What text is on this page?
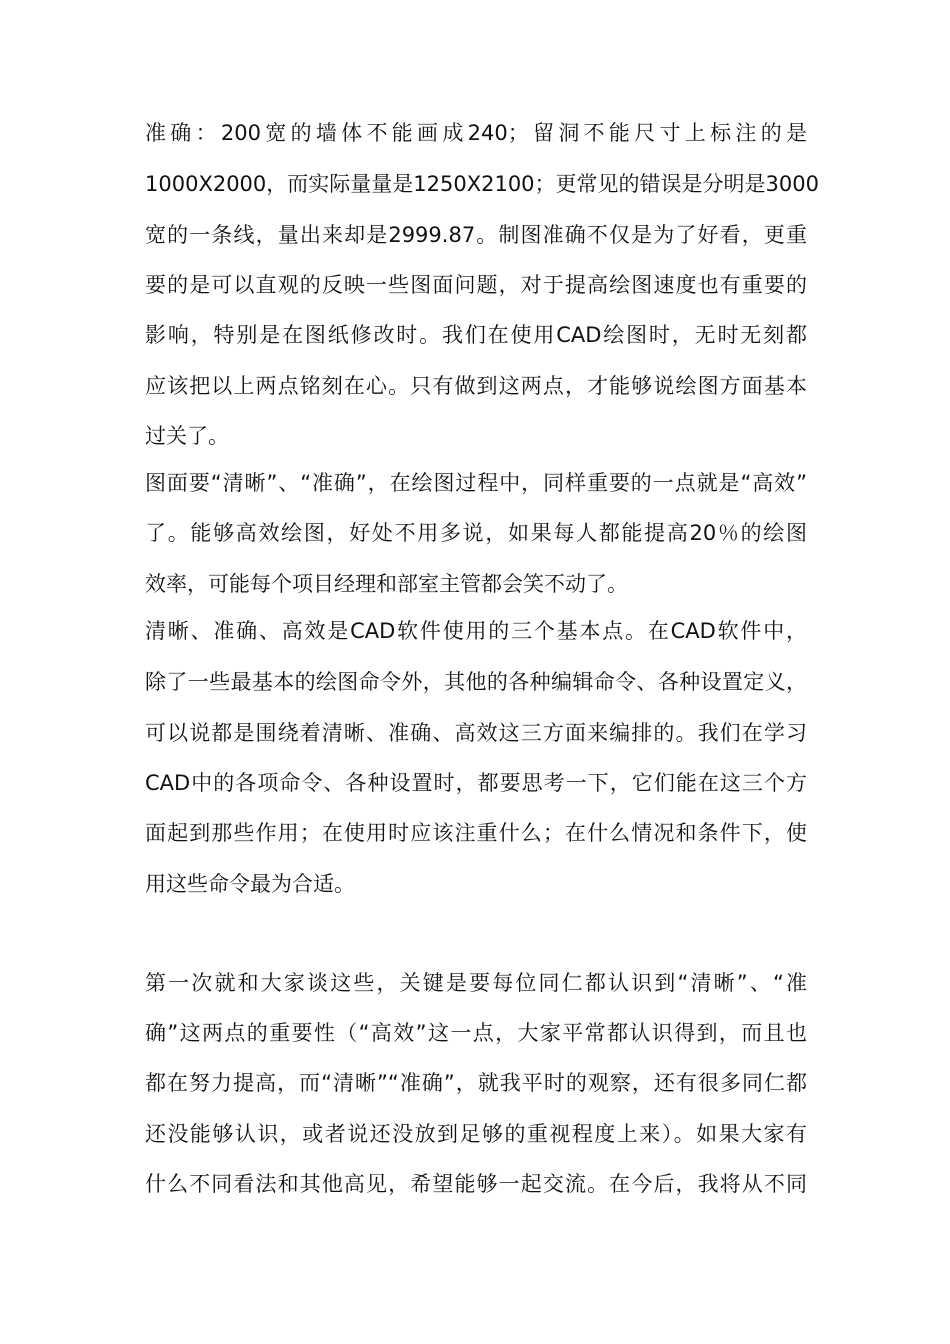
准确：200宽的墙体不能画成240；留洞不能尺寸上标注的是
1000X2000，而实际量量是1250X2100；更常见的错误是分明是3000
宽的一条线，量出来却是2999.87。制图准确不仅是为了好看，更重
要的是可以直观的反映一些图面问题，对于提高绘图速度也有重要的
影响，特别是在图纸修改时。我们在使用CAD绘图时，无时无刻都
应该把以上两点铭刻在心。只有做到这两点，才能够说绘图方面基本
过关了。
图面要“清晰”、“准确”，在绘图过程中，同样重要的一点就是“高效”
了。能够高效绘图，好处不用多说，如果每人都能提高20％的绘图
效率，可能每个项目经理和部室主管都会笑不动了。
清晰、准确、高效是CAD软件使用的三个基本点。在CAD软件中，
除了一些最基本的绘图命令外，其他的各种编辑命令、各种设置定义，
可以说都是围绕着清晰、准确、高效这三方面来编排的。我们在学习
CAD中的各项命令、各种设置时，都要思考一下，它们能在这三个方
面起到那些作用；在使用时应该注重什么；在什么情况和条件下，使
用这些命令最为合适。
第一次就和大家谈这些，关键是要每位同仁都认识到“清晰”、“准
确”这两点的重要性（“高效”这一点，大家平常都认识得到，而且也
都在努力提高，而“清晰”“准确”，就我平时的观察，还有很多同仁都
还没能够认识，或者说还没放到足够的重视程度上来）。如果大家有
什么不同看法和其他高见，希望能够一起交流。在今后，我将从不同
